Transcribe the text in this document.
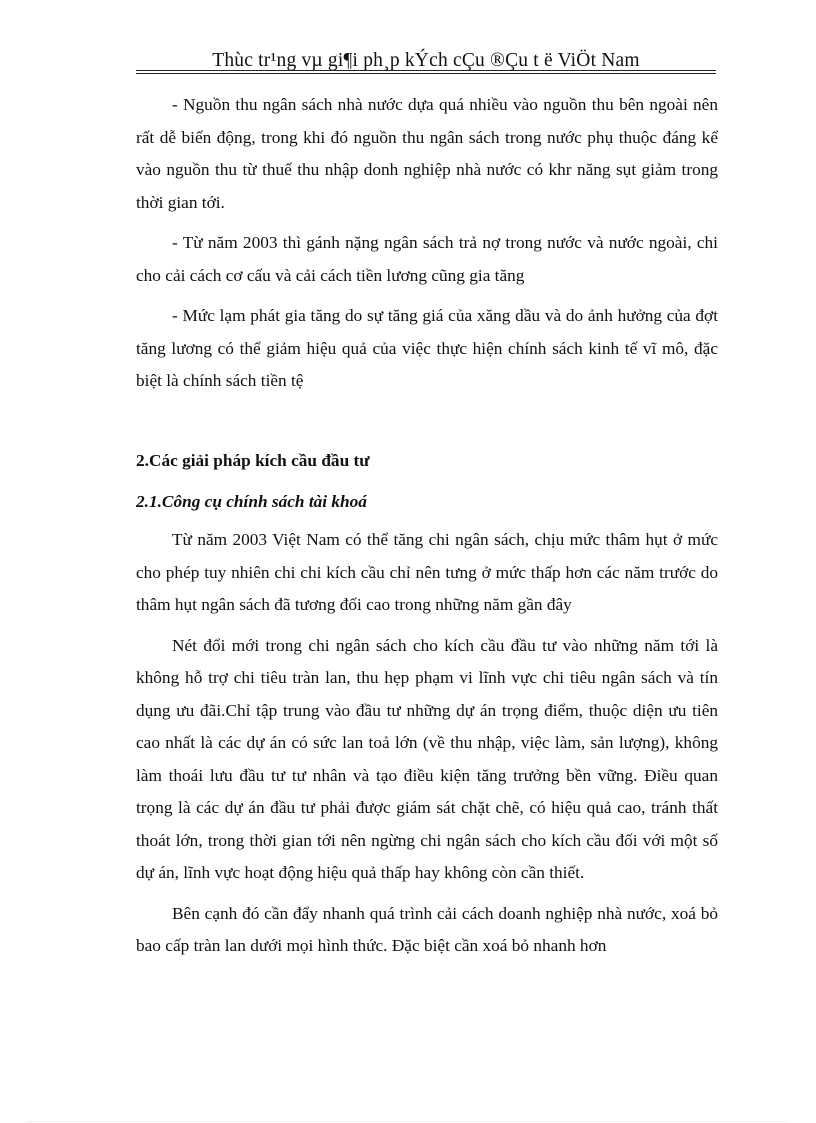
Thùc tr¹ng vµ gi¶i ph¸p kÝch cÇu ®Çu t ë ViÖt Nam

- Nguồn thu ngân sách nhà nước dựa quá nhiều vào nguồn thu bên ngoài nên rất dễ biến động, trong khi đó nguồn thu ngân sách trong nước phụ thuộc đáng kể vào nguồn thu từ thuế thu nhập donh nghiệp nhà nước có khr năng sụt giảm trong thời gian tới.

- Từ năm 2003 thì gánh nặng ngân sách trả nợ trong nước và nước ngoài, chi cho cải cách cơ cấu và cải cách tiền lương cũng gia tăng

- Mức lạm phát gia tăng do sự tăng giá của xăng dầu và do ảnh hưởng của đợt tăng lương có thể giảm hiệu quả của việc thực hiện chính sách kinh tế vĩ mô, đặc biệt là chính sách tiền tệ

2.Các giải pháp kích cầu đầu tư
2.1.Công cụ chính sách tài khoá

Từ năm 2003 Việt Nam có thể tăng chi ngân sách, chịu mức thâm hụt ở mức cho phép tuy nhiên chi chi kích cầu chỉ nên tưng ở mức thấp hơn các năm trước do thâm hụt ngân sách đã tương đối cao trong những năm gần đây

Nét đổi mới trong chi ngân sách cho kích cầu đầu tư vào những năm tới là không hỗ trợ chi tiêu tràn lan, thu hẹp phạm vi lĩnh vực chi tiêu ngân sách và tín dụng ưu đãi.Chỉ tập trung vào đầu tư những dự án trọng điểm, thuộc diện ưu tiên cao nhất là các dự án có sức lan toả lớn (về thu nhập, việc làm, sản lượng), không làm thoái lưu đầu tư tư nhân và tạo điều kiện tăng trưởng bền vững. Điều quan trọng là các dự án đầu tư phải được giám sát chặt chẽ, có hiệu quả cao, tránh thất thoát lớn, trong thời gian tới nên ngừng chi ngân sách cho kích cầu đối với một số dự án, lĩnh vực hoạt động hiệu quả thấp hay không còn cần thiết.

Bên cạnh đó cần đẩy nhanh quá trình cải cách doanh nghiệp nhà nước, xoá bỏ bao cấp tràn lan dưới mọi hình thức. Đặc biệt cần xoá bỏ nhanh hơn
